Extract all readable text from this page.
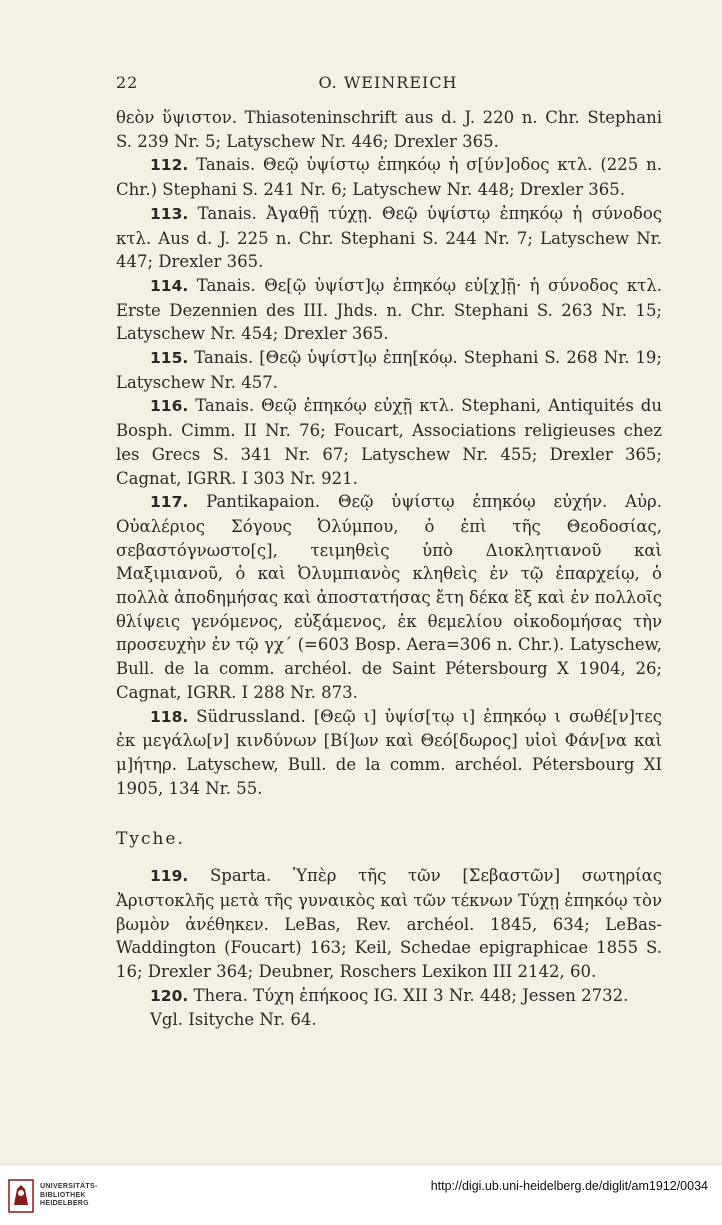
22	O. WEINREICH

θεὸν ὕψιστον. Thiasoteninschrift aus d. J. 220 n. Chr. Stephani S. 239 Nr. 5; Latyschew Nr. 446; Drexler 365.

112. Tanais. Θεῷ ὑψίστῳ ἐπηκόῳ ἡ σ[ύν]οδος κτλ. (225 n. Chr.) Stephani S. 241 Nr. 6; Latyschew Nr. 448; Drexler 365.

113. Tanais. Ἀγαθῇ τύχῃ. Θεῷ ὑψίστῳ ἐπηκόῳ ἡ σύνοδος κτλ. Aus d. J. 225 n. Chr. Stephani S. 244 Nr. 7; Latyschew Nr. 447; Drexler 365.

114. Tanais. Θε[ῷ ὑψίστ]ῳ ἐπηκόῳ εὐ[χ]ῇ· ἡ σύνοδος κτλ. Erste Dezennien des III. Jhds. n. Chr. Stephani S. 263 Nr. 15; Latyschew Nr. 454; Drexler 365.

115. Tanais. [Θεῷ ὑψίστ]ῳ ἐπη[κόῳ. Stephani S. 268 Nr. 19; Latyschew Nr. 457.

116. Tanais. Θεῷ ἐπηκόῳ εὐχῇ κτλ. Stephani, Antiquités du Bosph. Cimm. II Nr. 76; Foucart, Associations religieuses chez les Grecs S. 341 Nr. 67; Latyschew Nr. 455; Drexler 365; Cagnat, IGRR. I 303 Nr. 921.

117. Pantikapaion. Θεῷ ὑψίστῳ ἐπηκόῳ εὐχήν. Αὐρ. Οὐαλέριος Σόγους Ὀλύμπου, ὁ ἐπὶ τῆς Θεοδοσίας, σεβαστόγνωστο[ς], τειμηθεὶς ὑπὸ Διοκλητιανοῦ καὶ Μαξιμιανοῦ, ὁ καὶ Ὀλυμπιανὸς κληθεὶς ἐν τῷ ἐπαρχείῳ, ὁ πολλὰ ἀποδημήσας καὶ ἀποστατήσας ἔτη δέκα ἓξ καὶ ἐν πολλοῖς θλίψεις γενόμενος, εὐξάμενος, ἐκ θεμελίου οἰκοδομήσας τὴν προσευχὴν ἐν τῷ γχ´ (=603 Bosp. Aera=306 n. Chr.). Latyschew, Bull. de la comm. archéol. de Saint Pétersbourg X 1904, 26; Cagnat, IGRR. I 288 Nr. 873.

118. Südrussland. [Θεῷ ι] ὑψίσ[τῳ ι] ἐπηκόῳ ι σωθέ[ν]τες ἐκ μεγάλω[ν] κινδύνων [Βί]ων καὶ Θεό[δωρος] υἱοὶ Φάν[να καὶ μ]ήτηρ. Latyschew, Bull. de la comm. archéol. Pétersbourg XI 1905, 134 Nr. 55.

Tyche.

119. Sparta. Ὑπὲρ τῆς τῶν [Σεβαστῶν] σωτηρίας Ἀριστοκλῆς μετὰ τῆς γυναικὸς καὶ τῶν τέκνων Τύχῃ ἐπηκόῳ τὸν βωμὸν ἀνέθηκεν. LeBas, Rev. archéol. 1845, 634; LeBas-Waddington (Foucart) 163; Keil, Schedae epigraphicae 1855 S. 16; Drexler 364; Deubner, Roschers Lexikon III 2142, 60.

120. Thera. Τύχη ἐπήκοος IG. XII 3 Nr. 448; Jessen 2732.

Vgl. Isityche Nr. 64.

UNIVERSITÄTS-
BIBLIOTHEK
HEIDELBERG
http://digi.ub.uni-heidelberg.de/diglit/am1912/0034
